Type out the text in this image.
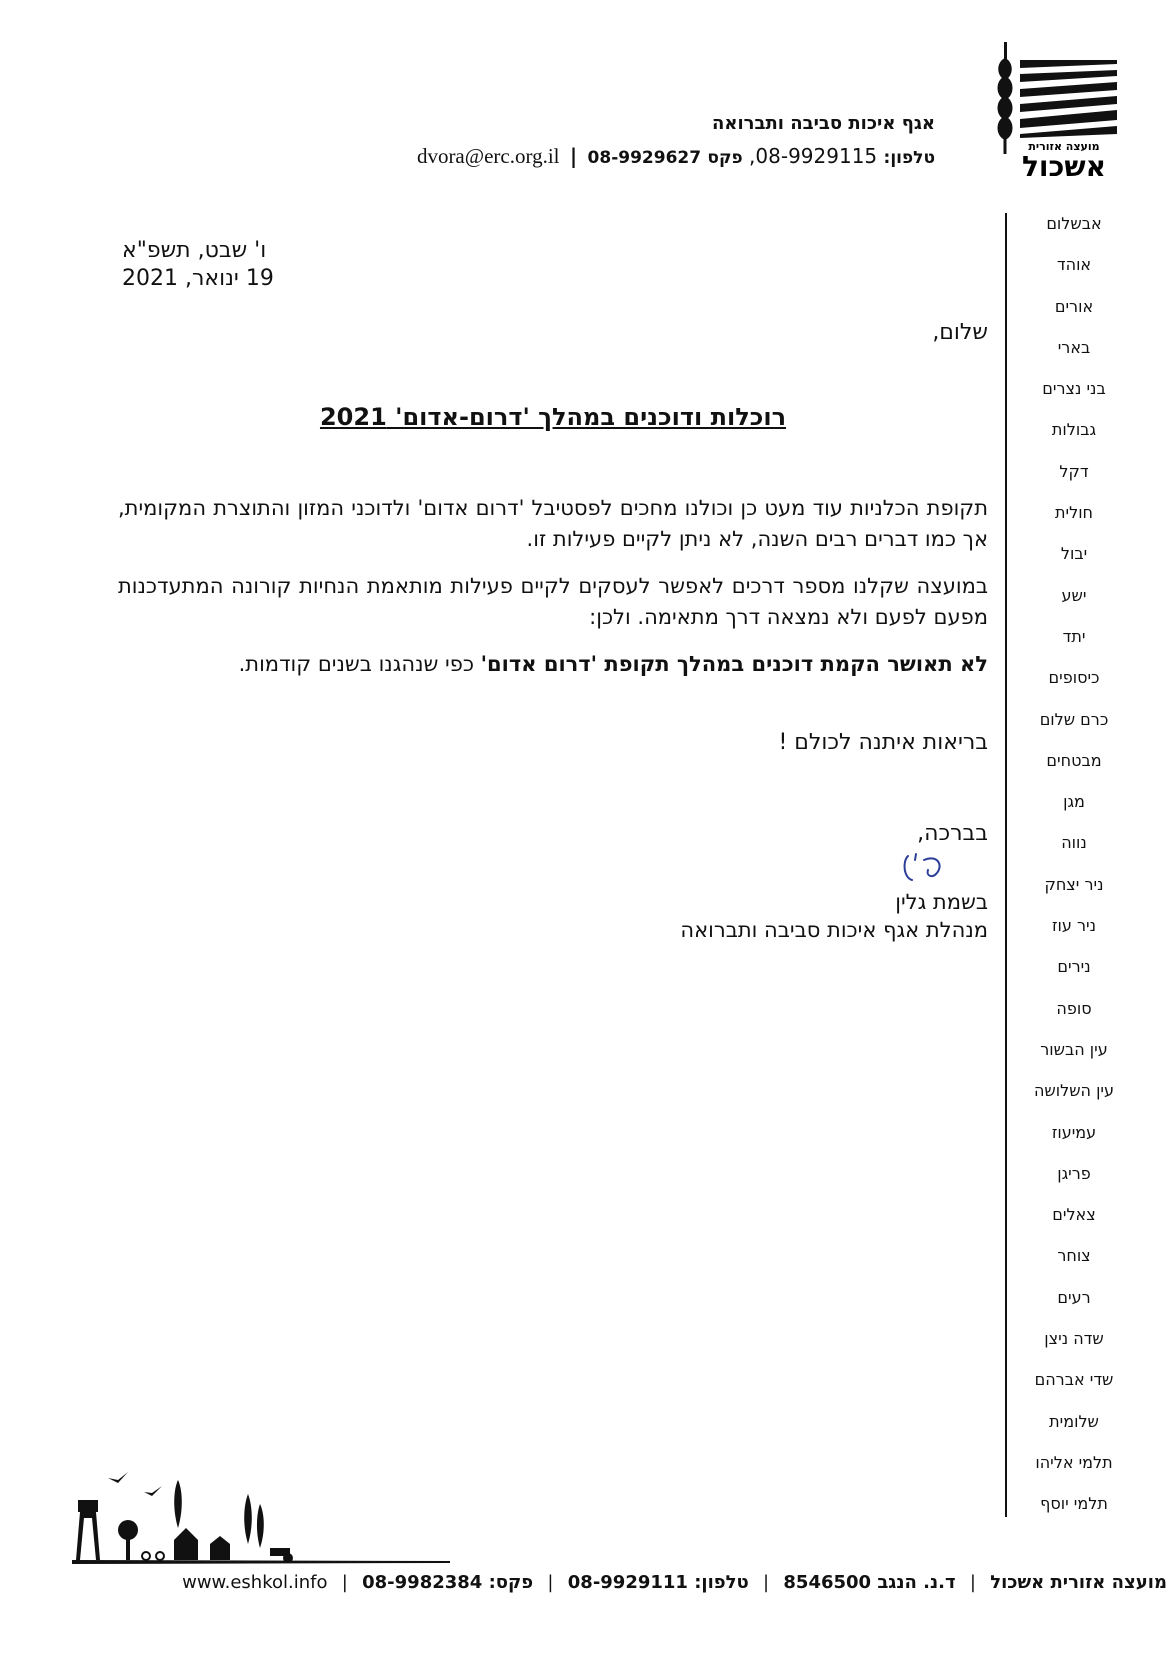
מועצה אזורית
אשכול
אגף איכות סביבה ותברואה
טלפון: 08-9929115, פקס 08-9929627 | dvora@erc.org.il
ו' שבט, תשפ"א
19 ינואר, 2021

שלום,

רוכלות ודוכנים במהלך 'דרום-אדום' 2021

תקופת הכלניות עוד מעט כן וכולנו מחכים לפסטיבל 'דרום אדום' ולדוכני המזון והתוצרת המקומית, אך כמו דברים רבים השנה, לא ניתן לקיים פעילות זו.

במועצה שקלנו מספר דרכים לאפשר לעסקים לקיים פעילות מותאמת הנחיות קורונה המתעדכנות מפעם לפעם ולא נמצאה דרך מתאימה. ולכן:

לא תאושר הקמת דוכנים במהלך תקופת 'דרום אדום' כפי שנהגנו בשנים קודמות.

בריאות איתנה לכולם !

בברכה,

בשמת גלין

מנהלת אגף איכות סביבה ותברואה

אבשלום
אוהד
אורים
בארי
בני נצרים
גבולות
דקל
חולית
יבול
ישע
יתד
כיסופים
כרם שלום
מבטחים
מגן
נווה
ניר יצחק
ניר עוז
נירים
סופה
עין הבשור
עין השלושה
עמיעוז
פריגן
צאלים
צוחר
רעים
שדה ניצן
שדי אברהם
שלומית
תלמי אליהו
תלמי יוסף
מועצה אזורית אשכול | ד.נ. הנגב 8546500 | טלפון: 08-9929111 | פקס: 08-9982384 | www.eshkol.info
